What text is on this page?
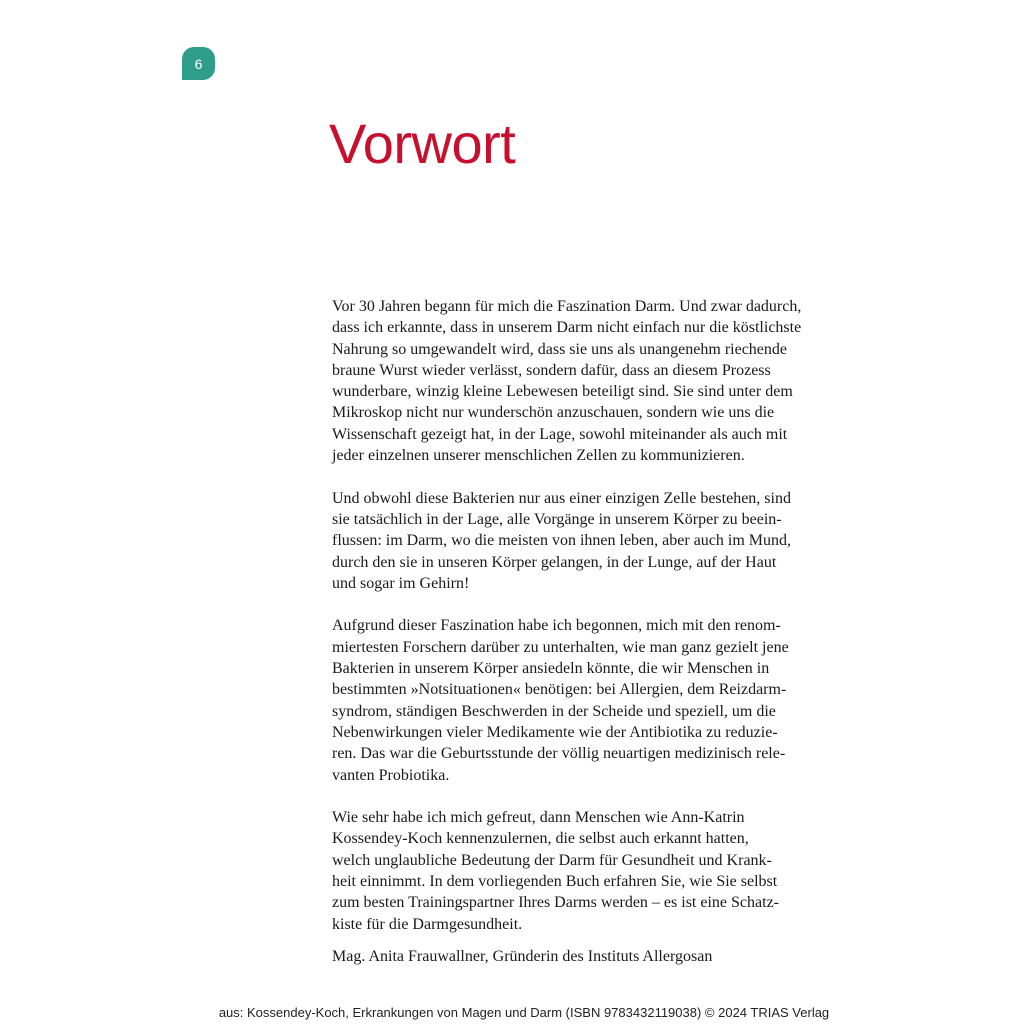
6
Vorwort

Vor 30 Jahren begann für mich die Faszination Darm. Und zwar dadurch,
dass ich erkannte, dass in unserem Darm nicht einfach nur die köstlichste
Nahrung so umgewandelt wird, dass sie uns als unangenehm riechende
braune Wurst wieder verlässt, sondern dafür, dass an diesem Prozess
wunderbare, winzig kleine Lebewesen beteiligt sind. Sie sind unter dem
Mikroskop nicht nur wunderschön anzuschauen, sondern wie uns die
Wissenschaft gezeigt hat, in der Lage, sowohl miteinander als auch mit
jeder einzelnen unserer menschlichen Zellen zu kommunizieren.

Und obwohl diese Bakterien nur aus einer einzigen Zelle bestehen, sind
sie tatsächlich in der Lage, alle Vorgänge in unserem Körper zu beein-
flussen: im Darm, wo die meisten von ihnen leben, aber auch im Mund,
durch den sie in unseren Körper gelangen, in der Lunge, auf der Haut
und sogar im Gehirn!

Aufgrund dieser Faszination habe ich begonnen, mich mit den renom-
miertesten Forschern darüber zu unterhalten, wie man ganz gezielt jene
Bakterien in unserem Körper ansiedeln könnte, die wir Menschen in
bestimmten »Notsituationen« benötigen: bei Allergien, dem Reizdarm-
syndrom, ständigen Beschwerden in der Scheide und speziell, um die
Nebenwirkungen vieler Medikamente wie der Antibiotika zu reduzie-
ren. Das war die Geburtsstunde der völlig neuartigen medizinisch rele-
vanten Probiotika.

Wie sehr habe ich mich gefreut, dann Menschen wie Ann-Katrin
Kossendey-Koch kennenzulernen, die selbst auch erkannt hatten,
welch unglaubliche Bedeutung der Darm für Gesundheit und Krank-
heit einnimmt. In dem vorliegenden Buch erfahren Sie, wie Sie selbst
zum besten Trainingspartner Ihres Darms werden – es ist eine Schatz-
kiste für die Darmgesundheit.

Mag. Anita Frauwallner, Gründerin des Instituts Allergosan

aus: Kossendey-Koch, Erkrankungen von Magen und Darm (ISBN 9783432119038) © 2024 TRIAS Verlag
